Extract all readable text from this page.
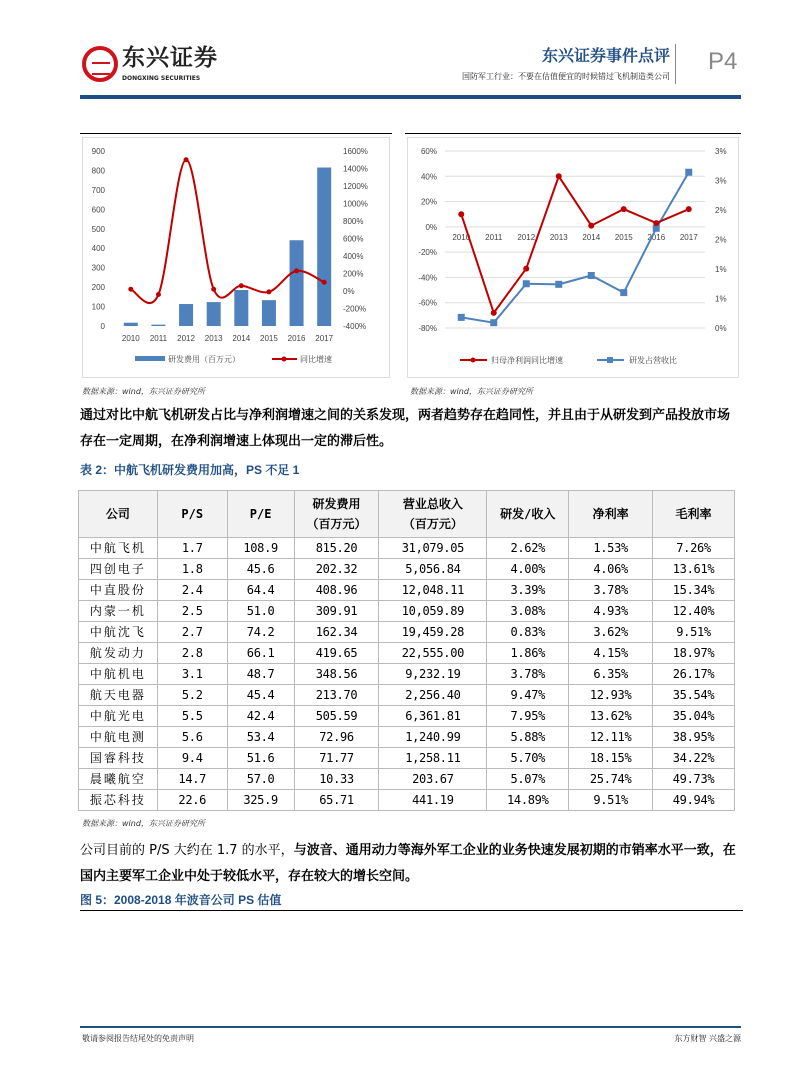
东兴证券
DONGXING SECURITIES
东兴证券事件点评
国防军工行业：不要在估值便宜的时候错过飞机制造类公司
P4
900
800
700
600
500
400
300
200
100
0
1600%
1400%
1200%
1000%
800%
600%
400%
200%
0%
-200%
-400%
2010 2011 2012 2013 2014 2015 2016 2017
研发费用（百万元）	同比增速
60%
40%
20%
0%
-20%
-40%
-60%
-80%
3%
3%
2%
2%
1%
1%
0%
2010 2011 2012 2013 2014 2015 2016 2017
归母净利润同比增速	研发占营收比
数据来源：wind，东兴证券研究所	数据来源：wind，东兴证券研究所
通过对比中航飞机研发占比与净利润增速之间的关系发现，两者趋势存在趋同性，并且由于从研发到产品投放市场存在一定周期，在净利润增速上体现出一定的滞后性。
表 2：中航飞机研发费用加高，PS 不足 1
公司	P/S	P/E	研发费用
（百万元）	营业总收入
（百万元）	研发/收入	净利率	毛利率
中航飞机	1.7	108.9	815.20	31,079.05	2.62%	1.53%	7.26%
四创电子	1.8	45.6	202.32	5,056.84	4.00%	4.06%	13.61%
中直股份	2.4	64.4	408.96	12,048.11	3.39%	3.78%	15.34%
内蒙一机	2.5	51.0	309.91	10,059.89	3.08%	4.93%	12.40%
中航沈飞	2.7	74.2	162.34	19,459.28	0.83%	3.62%	9.51%
航发动力	2.8	66.1	419.65	22,555.00	1.86%	4.15%	18.97%
中航机电	3.1	48.7	348.56	9,232.19	3.78%	6.35%	26.17%
航天电器	5.2	45.4	213.70	2,256.40	9.47%	12.93%	35.54%
中航光电	5.5	42.4	505.59	6,361.81	7.95%	13.62%	35.04%
中航电测	5.6	53.4	72.96	1,240.99	5.88%	12.11%	38.95%
国睿科技	9.4	51.6	71.77	1,258.11	5.70%	18.15%	34.22%
晨曦航空	14.7	57.0	10.33	203.67	5.07%	25.74%	49.73%
振芯科技	22.6	325.9	65.71	441.19	14.89%	9.51%	49.94%
数据来源：wind，东兴证券研究所
公司目前的 P/S 大约在 1.7 的水平，与波音、通用动力等海外军工企业的业务快速发展初期的市销率水平一致，在国内主要军工企业中处于较低水平，存在较大的增长空间。
图 5：2008-2018 年波音公司 PS 估值
敬请参阅报告结尾处的免责声明	东方财智 兴盛之源
